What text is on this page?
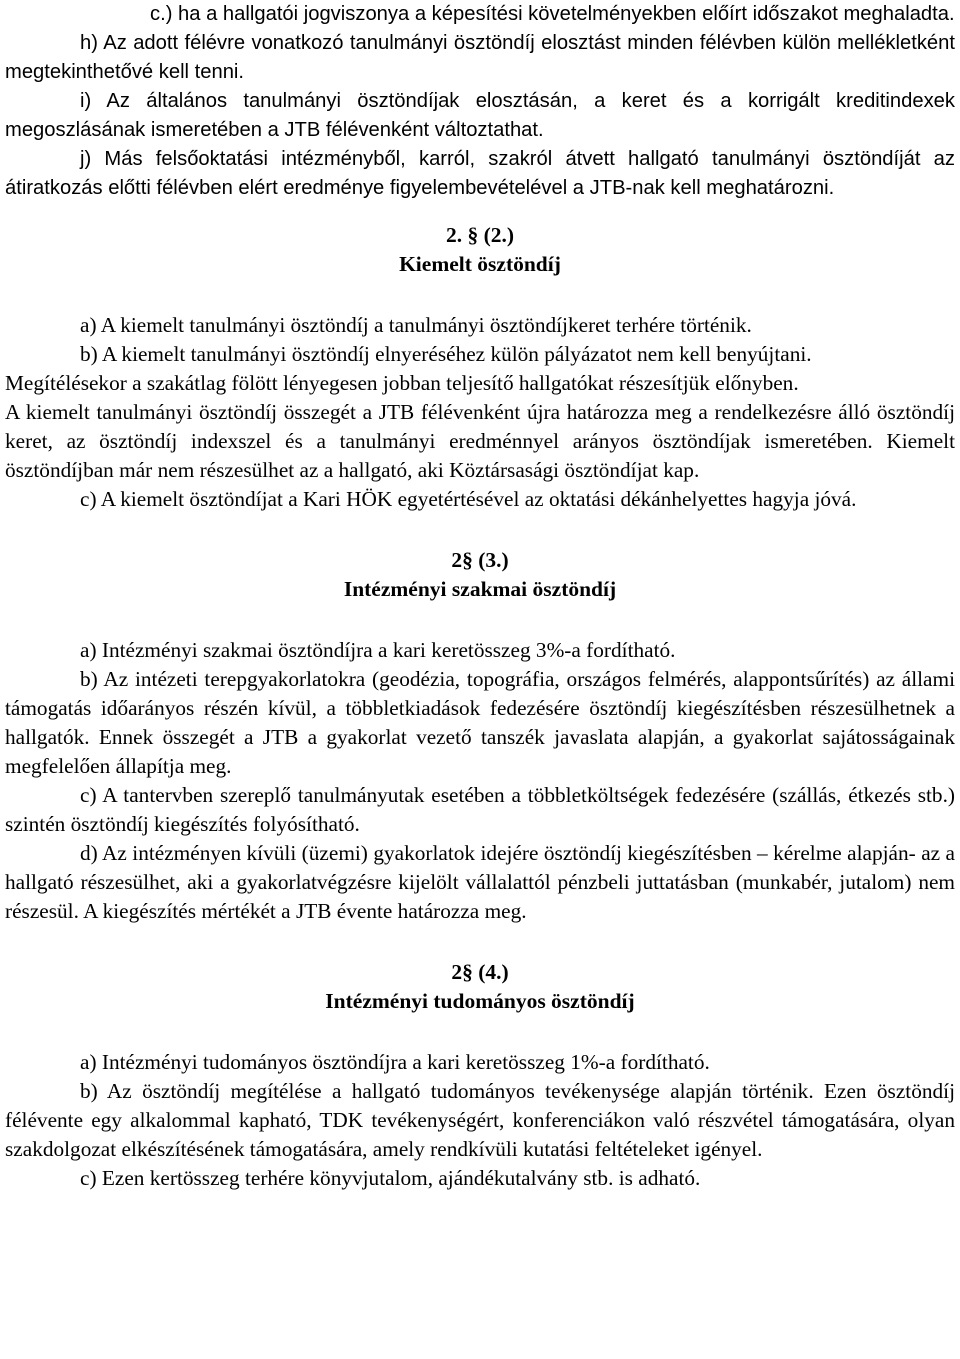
c.) ha a hallgatói jogviszonya a képesítési követelményekben előírt időszakot meghaladta.

h) Az adott félévre vonatkozó tanulmányi ösztöndíj elosztást minden félévben külön mellékletként megtekinthetővé kell tenni.

i) Az általános tanulmányi ösztöndíjak elosztásán, a keret és a korrigált kreditindexek megoszlásának ismeretében a JTB félévenként változtathat.

j) Más felsőoktatási intézményből, karról, szakról átvett hallgató tanulmányi ösztöndíját az átiratkozás előtti félévben elért eredménye figyelembevételével a JTB-nak kell meghatározni.

2. § (2.)
Kiemelt ösztöndíj

a) A kiemelt tanulmányi ösztöndíj a tanulmányi ösztöndíjkeret terhére történik.

b) A kiemelt tanulmányi ösztöndíj elnyeréséhez külön pályázatot nem kell benyújtani.

Megítélésekor a szakátlag fölött lényegesen jobban teljesítő hallgatókat részesítjük előnyben.

A kiemelt tanulmányi ösztöndíj összegét a JTB félévenként újra határozza meg a rendelkezésre álló ösztöndíj keret, az ösztöndíj indexszel és a tanulmányi eredménnyel arányos ösztöndíjak ismeretében. Kiemelt ösztöndíjban már nem részesülhet az a hallgató, aki Köztársasági ösztöndíjat kap.

c) A kiemelt ösztöndíjat a Kari HÖK egyetértésével az oktatási dékánhelyettes hagyja jóvá.

2§ (3.)
Intézményi szakmai ösztöndíj

a) Intézményi szakmai ösztöndíjra a kari keretösszeg 3%-a fordítható.

b) Az intézeti terepgyakorlatokra (geodézia, topográfia, országos felmérés, alappontsűrítés) az állami támogatás időarányos részén kívül, a többletkiadások fedezésére ösztöndíj kiegészítésben részesülhetnek a hallgatók. Ennek összegét a JTB a gyakorlat vezető tanszék javaslata alapján, a gyakorlat sajátosságainak megfelelően állapítja meg.

c) A tantervben szereplő tanulmányutak esetében a többletköltségek fedezésére (szállás, étkezés stb.) szintén ösztöndíj kiegészítés folyósítható.

d) Az intézményen kívüli (üzemi) gyakorlatok idejére ösztöndíj kiegészítésben – kérelme alapján- az a hallgató részesülhet, aki a gyakorlatvégzésre kijelölt vállalattól pénzbeli juttatásban (munkabér, jutalom) nem részesül. A kiegészítés mértékét a JTB évente határozza meg.

2§ (4.)
Intézményi tudományos ösztöndíj

a) Intézményi tudományos ösztöndíjra a kari keretösszeg 1%-a fordítható.

b) Az ösztöndíj megítélése a hallgató tudományos tevékenysége alapján történik. Ezen ösztöndíj félévente egy alkalommal kapható, TDK tevékenységért, konferenciákon való részvétel támogatására, olyan szakdolgozat elkészítésének támogatására, amely rendkívüli kutatási feltételeket igényel.

c) Ezen kertösszeg terhére könyvjutalom, ajándékutalvány stb. is adható.
